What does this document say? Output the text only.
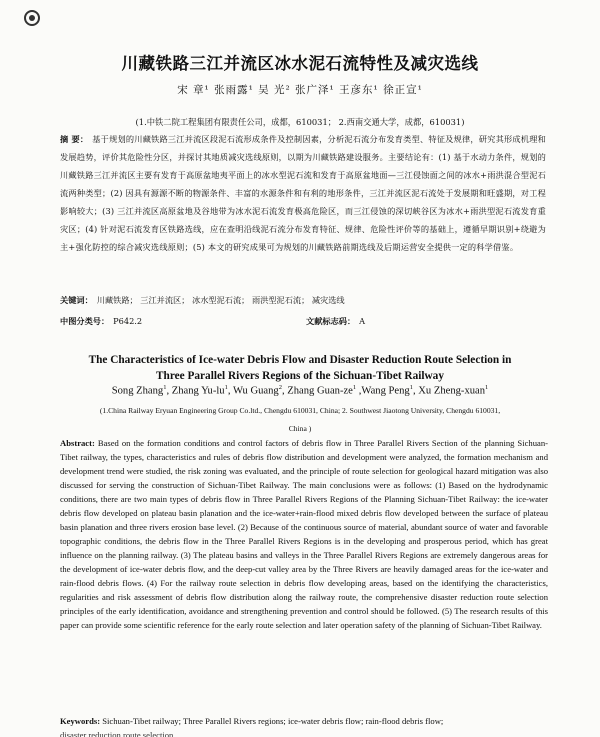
川藏铁路三江并流区冰水泥石流特性及减灾选线
宋 章¹ 张雨露¹ 吴 光² 张广泽¹ 王彦东¹ 徐正宣¹
(1.中铁二院工程集团有限责任公司，成都，610031； 2.西南交通大学，成都，610031)
摘 要： 基于规划的川藏铁路三江并流区段泥石流形成条件及控制因素，分析泥石流分布发育类型、特征及规律，研究其形成机理和发展趋势，评价其危险性分区，并探讨其地质减灾选线原则，以期为川藏铁路建设服务。主要结论有：(1) 基于水动力条件，规划的川藏铁路三江并流区主要有发育于高原盆地夷平面上的冰水型泥石流和发育于高原盆地面—三江侵蚀面之间的冰水+雨洪混合型泥石流两种类型；(2) 因具有源源不断的物源条件、丰富的水源条件和有利的地形条件，三江并流区泥石流处于发展期和旺盛期，对工程影响较大；(3) 三江并流区高原盆地及谷地带为冰水泥石流发育极高危险区，而三江侵蚀的深切峡谷区为冰水+雨洪型泥石流发育重灾区；(4) 针对泥石流发育区铁路选线，应在查明沿线泥石流分布发育特征、规律、危险性评价等的基础上，遵循早期识别+绕避为主+强化防控的综合减灾选线原则；(5) 本文的研究成果可为规划的川藏铁路前期选线及后期运营安全提供一定的科学借鉴。
关键词： 川藏铁路； 三江并流区； 冰水型泥石流； 雨洪型泥石流； 减灾选线
中图分类号： P642.2	文献标志码： A
The Characteristics of Ice-water Debris Flow and Disaster Reduction Route Selection in
Three Parallel Rivers Regions of the Sichuan-Tibet Railway
Song Zhang$^1$, Zhang $Yu-lu^1$, Wu Guang$^2$, Zhang Guan-$ze^1$ ,Wang Peng$^1$, Xu Zheng-xuan$^1$
(1.China Railway Eryuan Engineering Group Co.ltd., Chengdu 610031, China; 2. Southwest Jiaotong University, Chengdu 610031,
China )
Abstract: Based on the formation conditions and control factors of debris flow in Three Parallel Rivers Section of the planning Sichuan-Tibet railway, the types, characteristics and rules of debris flow distribution and development were analyzed, the formation mechanism and development trend were studied, the risk zoning was evaluated, and the principle of route selection for geological hazard mitigation was also discussed for serving the construction of Sichuan-Tibet Railway. The main conclusions were as follows: (1) Based on the hydrodynamic conditions, there are two main types of debris flow in Three Parallel Rivers Regions of the Planning Sichuan-Tibet Railway: the ice-water debris flow developed on plateau basin planation and the ice-water+rain-flood mixed debris flow developed between the surface of plateau basin planation and three rivers erosion base level. (2) Because of the continuous source of material, abundant source of water and favorable topographic conditions, the debris flow in the Three Parallel Rivers Regions is in the developing and prosperous period, which has great influence on the planning railway. (3) The plateau basins and valleys in the Three Parallel Rivers Regions are extremely dangerous areas for the development of ice-water debris flow, and the deep-cut valley area by the Three Rivers are heavily damaged areas for the ice-water and rain-flood debris flows. (4) For the railway route selection in debris flow developing areas, based on the identifying the characteristics, regularities and risk assessment of debris flow distribution along the railway route, the comprehensive disaster reduction route selection principles of the early identification, avoidance and strengthening prevention and control should be followed. (5) The research results of this paper can provide some scientific reference for the early route selection and later operation safety of the planning of Sichuan-Tibet Railway.
Keywords: Sichuan-Tibet railway; Three Parallel Rivers regions; ice-water debris flow; rain-flood debris flow;
disaster reduction route selection
